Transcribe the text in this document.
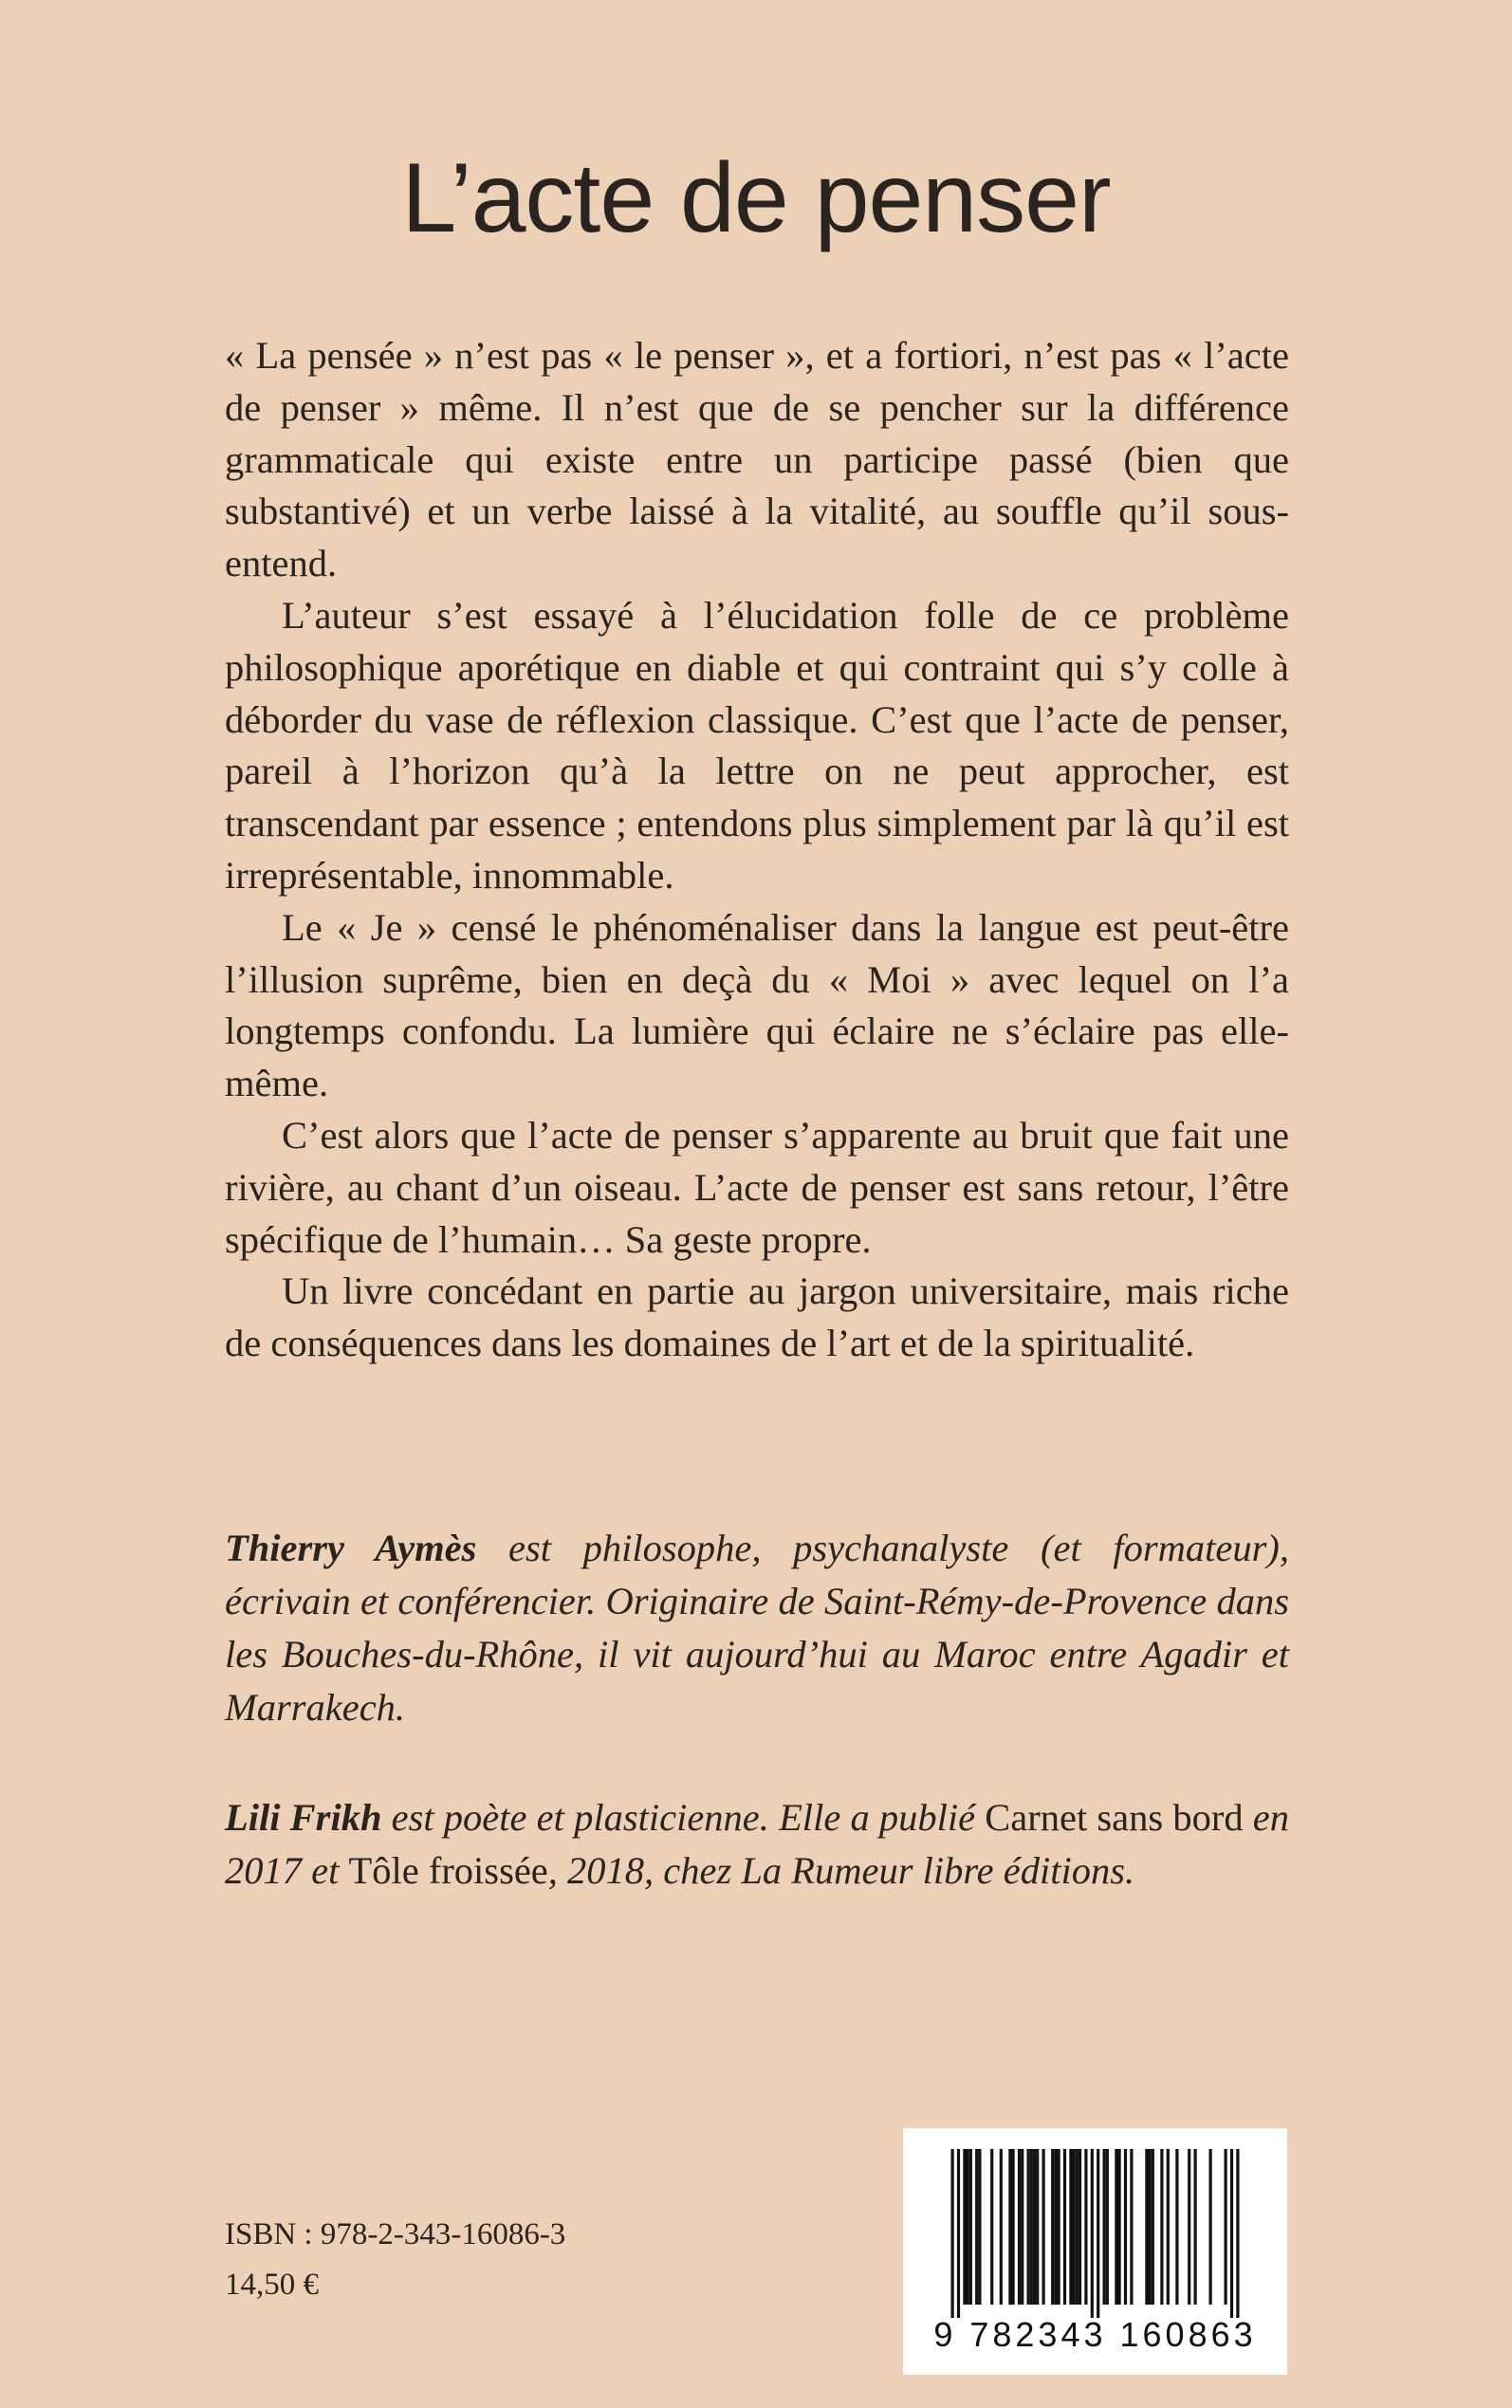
L’acte de penser

« La pensée » n’est pas « le penser », et a fortiori, n’est pas « l’acte de penser » même. Il n’est que de se pencher sur la différence grammaticale qui existe entre un participe passé (bien que substantivé) et un verbe laissé à la vitalité, au souffle qu’il sous-entend.

L’auteur s’est essayé à l’élucidation folle de ce problème philosophique aporétique en diable et qui contraint qui s’y colle à déborder du vase de réflexion classique. C’est que l’acte de penser, pareil à l’horizon qu’à la lettre on ne peut approcher, est transcendant par essence ; entendons plus simplement par là qu’il est irreprésentable, innommable.

Le « Je » censé le phénoménaliser dans la langue est peut-être l’illusion suprême, bien en deçà du « Moi » avec lequel on l’a longtemps confondu. La lumière qui éclaire ne s’éclaire pas elle-même.

C’est alors que l’acte de penser s’apparente au bruit que fait une rivière, au chant d’un oiseau. L’acte de penser est sans retour, l’être spécifique de l’humain… Sa geste propre.

Un livre concédant en partie au jargon universitaire, mais riche de conséquences dans les domaines de l’art et de la spiritualité.

Thierry Aymès est philosophe, psychanalyste (et formateur), écrivain et conférencier. Originaire de Saint-Rémy-de-Provence dans les Bouches-du-Rhône, il vit aujourd’hui au Maroc entre Agadir et Marrakech.

Lili Frikh est poète et plasticienne. Elle a publié Carnet sans bord en 2017 et Tôle froissée, 2018, chez La Rumeur libre éditions.

ISBN : 978-2-343-16086-3
14,50 €
9 782343 160863
